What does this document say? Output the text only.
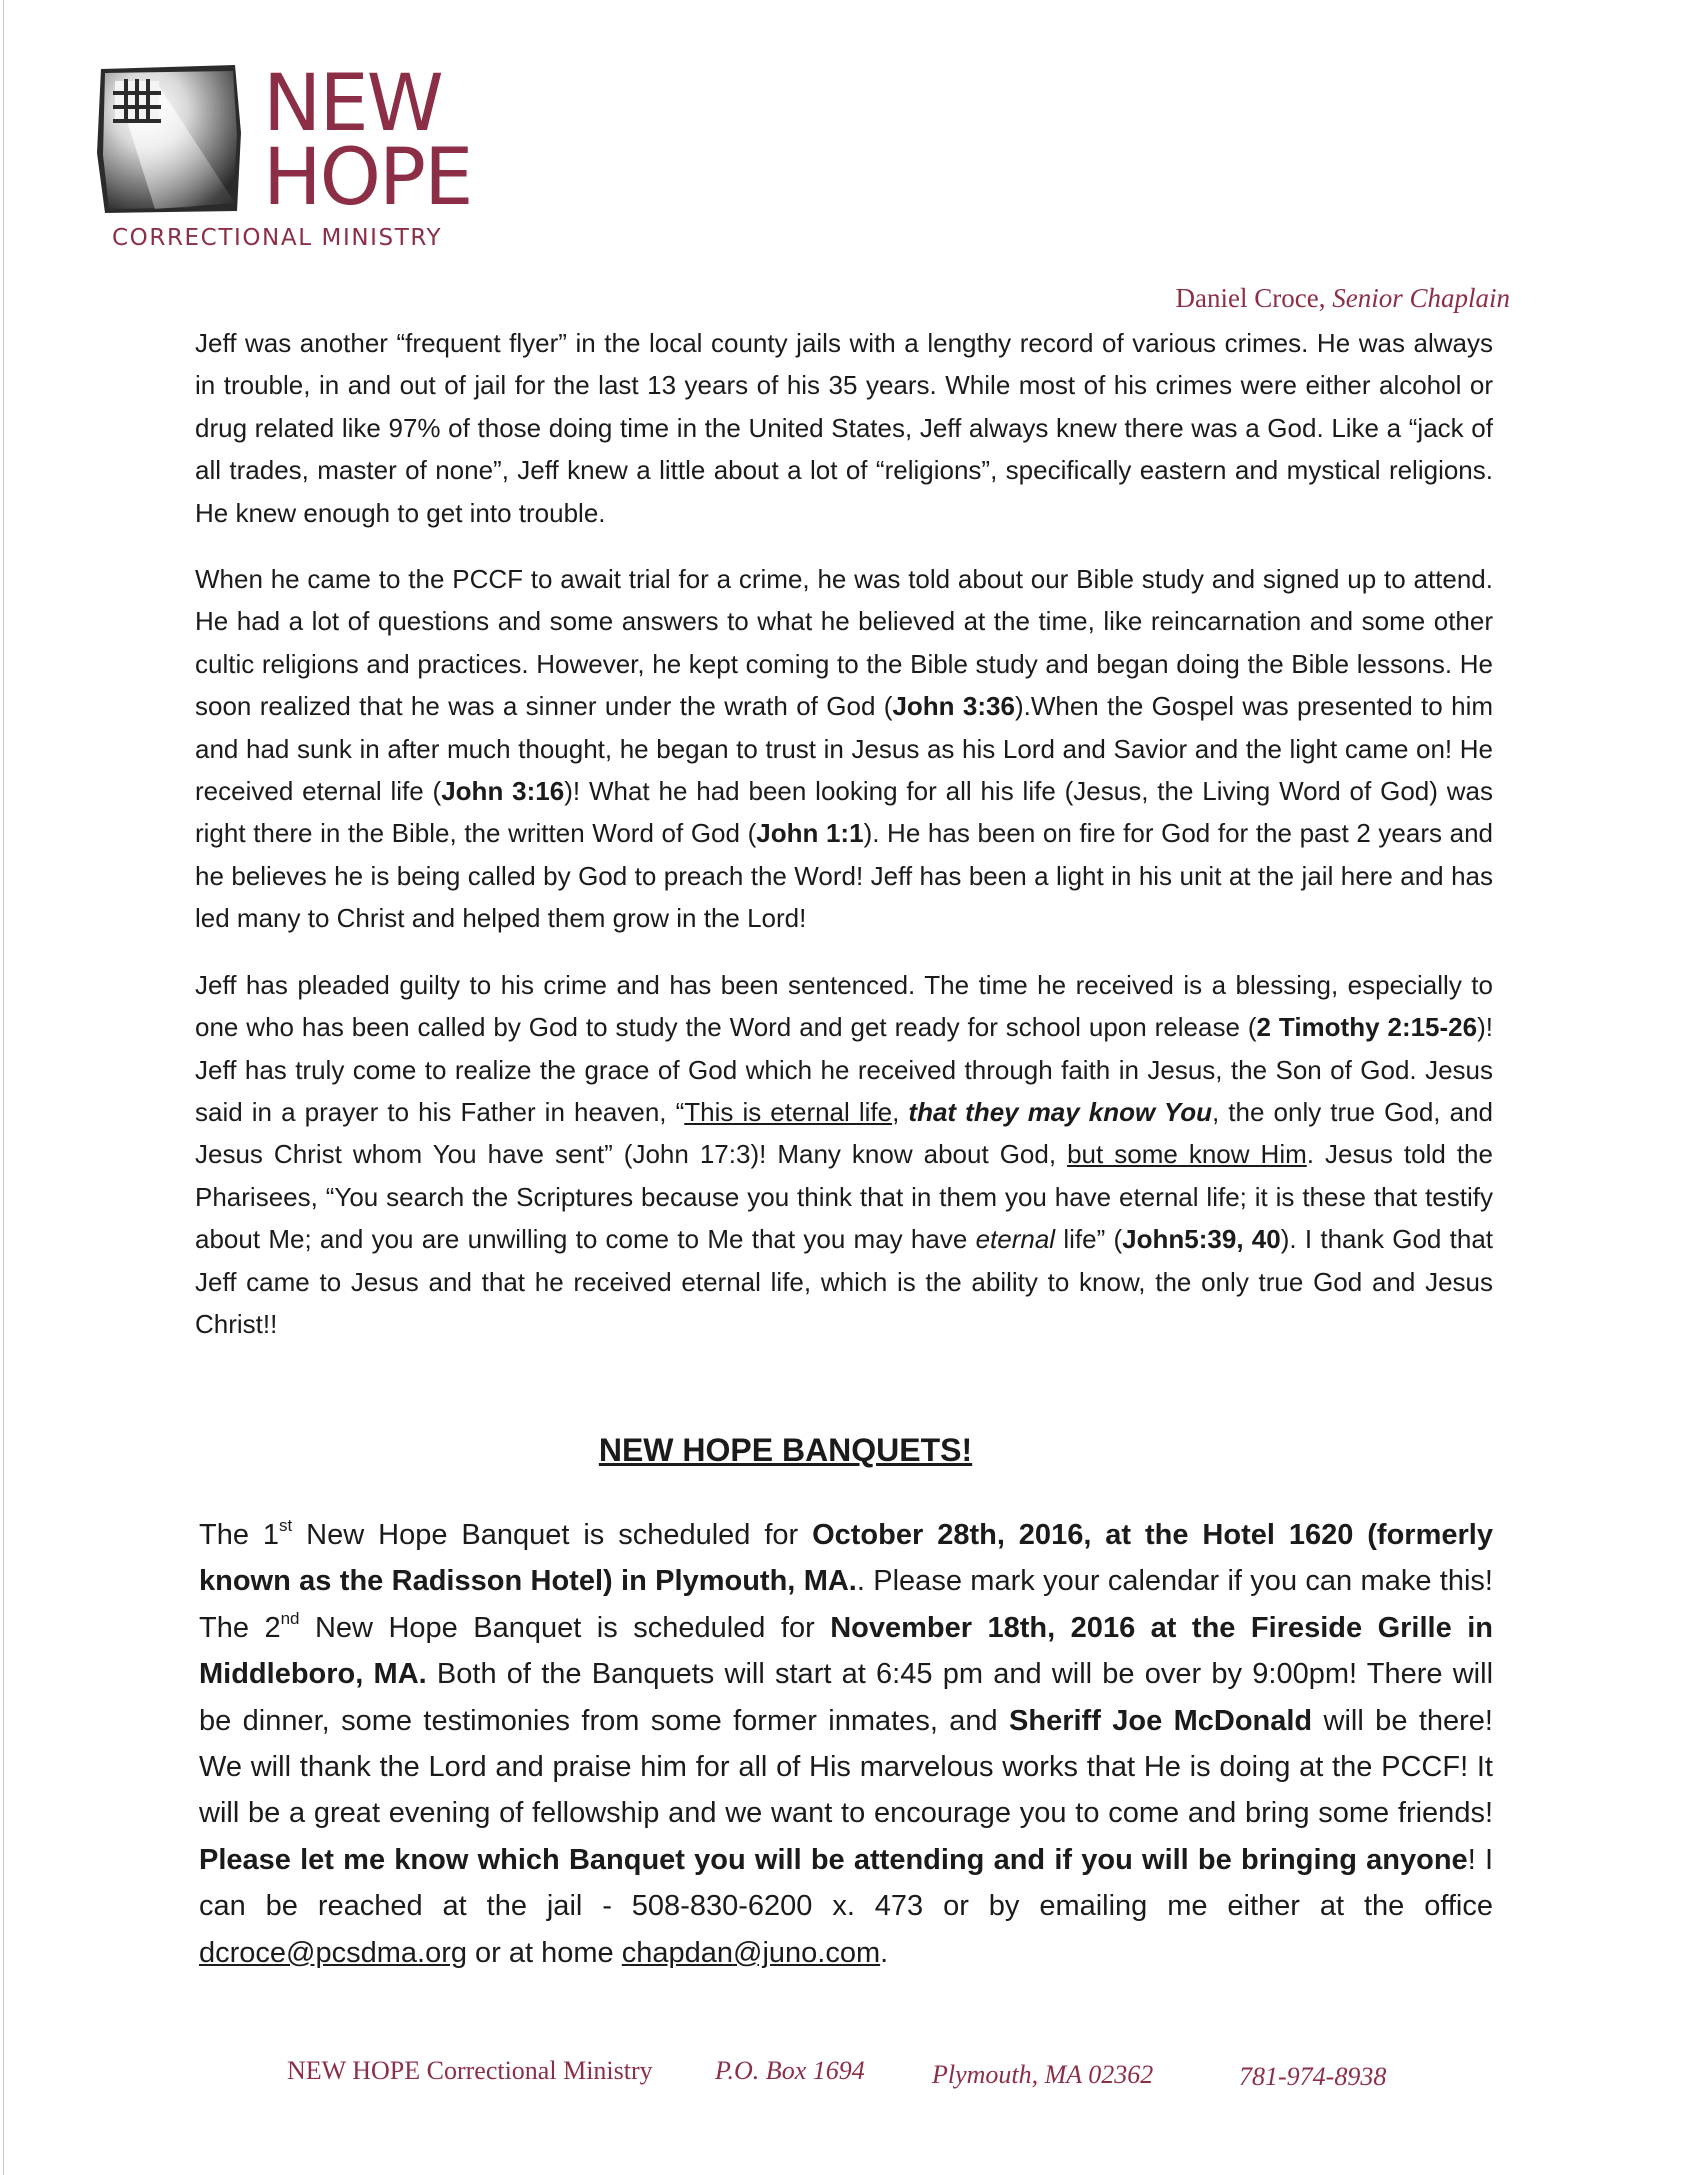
NEW
HOPE
CORRECTIONAL MINISTRY
Daniel Croce, Senior Chaplain

Jeff was another “frequent flyer” in the local county jails with a lengthy record of various crimes. He was always in trouble, in and out of jail for the last 13 years of his 35 years. While most of his crimes were either alcohol or drug related like 97% of those doing time in the United States, Jeff always knew there was a God. Like a “jack of all trades, master of none”, Jeff knew a little about a lot of “religions”, specifically eastern and mystical religions. He knew enough to get into trouble.

When he came to the PCCF to await trial for a crime, he was told about our Bible study and signed up to attend. He had a lot of questions and some answers to what he believed at the time, like reincarnation and some other cultic religions and practices. However, he kept coming to the Bible study and began doing the Bible lessons. He soon realized that he was a sinner under the wrath of God (John 3:36).When the Gospel was presented to him and had sunk in after much thought, he began to trust in Jesus as his Lord and Savior and the light came on! He received eternal life (John 3:16)! What he had been looking for all his life (Jesus, the Living Word of God) was right there in the Bible, the written Word of God (John 1:1). He has been on fire for God for the past 2 years and he believes he is being called by God to preach the Word! Jeff has been a light in his unit at the jail here and has led many to Christ and helped them grow in the Lord!

Jeff has pleaded guilty to his crime and has been sentenced. The time he received is a blessing, especially to one who has been called by God to study the Word and get ready for school upon release (2 Timothy 2:15-26)! Jeff has truly come to realize the grace of God which he received through faith in Jesus, the Son of God. Jesus said in a prayer to his Father in heaven, “This is eternal life, that they may know You, the only true God, and Jesus Christ whom You have sent” (John 17:3)! Many know about God, but some know Him. Jesus told the Pharisees, “You search the Scriptures because you think that in them you have eternal life; it is these that testify about Me; and you are unwilling to come to Me that you may have eternal life” (John5:39, 40). I thank God that Jeff came to Jesus and that he received eternal life, which is the ability to know, the only true God and Jesus Christ!!

NEW HOPE BANQUETS!

The 1st New Hope Banquet is scheduled for October 28th, 2016, at the Hotel 1620 (formerly known as the Radisson Hotel) in Plymouth, MA.. Please mark your calendar if you can make this! The 2nd New Hope Banquet is scheduled for November 18th, 2016 at the Fireside Grille in Middleboro, MA. Both of the Banquets will start at 6:45 pm and will be over by 9:00pm! There will be dinner, some testimonies from some former inmates, and Sheriff Joe McDonald will be there! We will thank the Lord and praise him for all of His marvelous works that He is doing at the PCCF! It will be a great evening of fellowship and we want to encourage you to come and bring some friends! Please let me know which Banquet you will be attending and if you will be bringing anyone! I can be reached at the jail - 508-830-6200 x. 473 or by emailing me either at the office dcroce@pcsdma.org or at home chapdan@juno.com.

NEW HOPE Correctional Ministry P.O. Box 1694	Plymouth, MA 02362	781-974-8938
